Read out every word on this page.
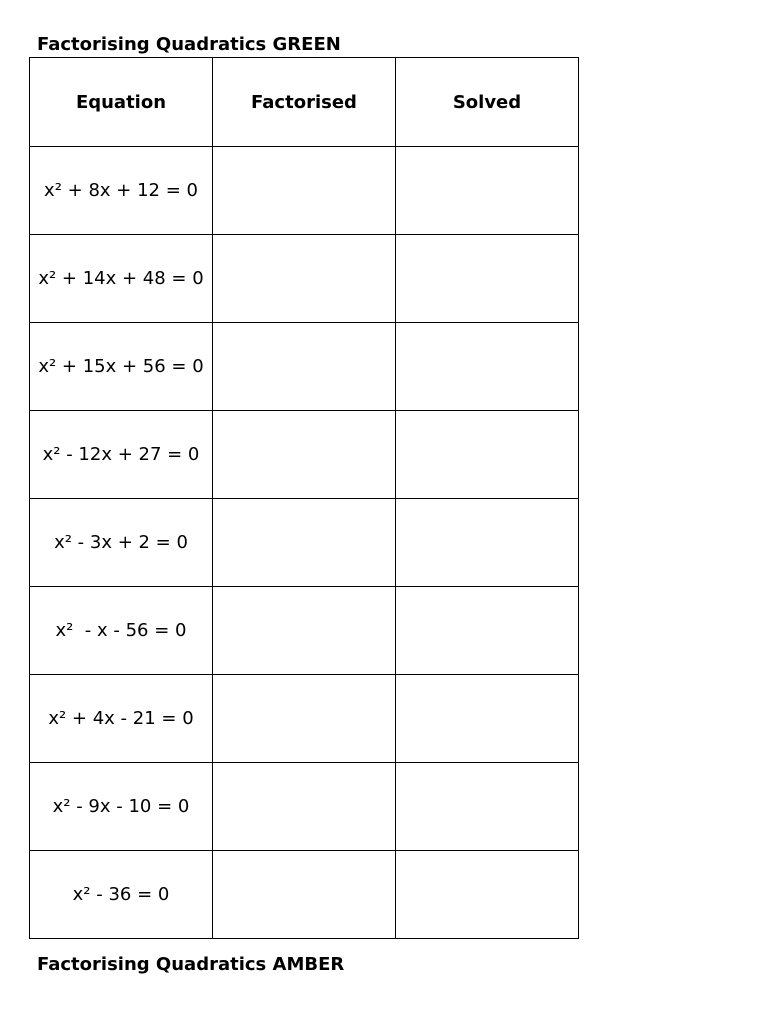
Factorising Quadratics GREEN
Equation	Factorised	Solved
x² + 8x + 12 = 0		
x² + 14x + 48 = 0		
x² + 15x + 56 = 0		
x² - 12x + 27 = 0		
x² - 3x + 2 = 0		
x²  - x - 56 = 0		
x² + 4x - 21 = 0		
x² - 9x - 10 = 0		
x² - 36 = 0		
Factorising Quadratics AMBER
